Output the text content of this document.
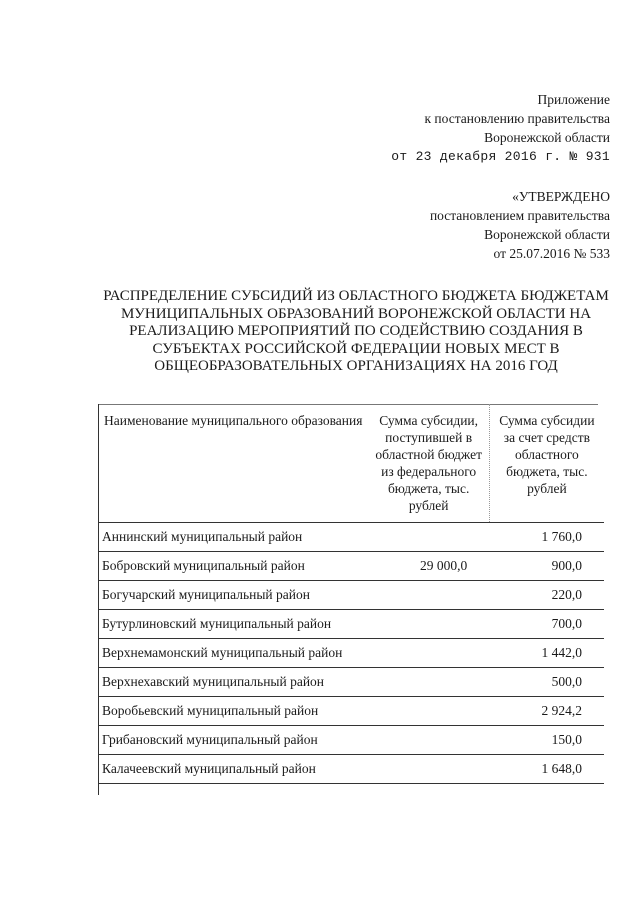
Приложение
к постановлению правительства
Воронежской области
от 23 декабря 2016 г. № 931
«УТВЕРЖДЕНО
постановлением правительства
Воронежской области
от 25.07.2016 № 533
РАСПРЕДЕЛЕНИЕ СУБСИДИЙ ИЗ ОБЛАСТНОГО БЮДЖЕТА БЮДЖЕТАМ
МУНИЦИПАЛЬНЫХ ОБРАЗОВАНИЙ ВОРОНЕЖСКОЙ ОБЛАСТИ НА
РЕАЛИЗАЦИЮ МЕРОПРИЯТИЙ ПО СОДЕЙСТВИЮ СОЗДАНИЯ В
СУБЪЕКТАХ РОССИЙСКОЙ ФЕДЕРАЦИИ НОВЫХ МЕСТ В
ОБЩЕОБРАЗОВАТЕЛЬНЫХ ОРГАНИЗАЦИЯХ НА 2016 ГОД
Наименование муниципального образования	Сумма субсидии, поступившей в областной бюджет из федерального бюджета, тыс. рублей	Сумма субсидии за счет средств областного бюджета, тыс. рублей
Аннинский муниципальный район		1 760,0
Бобровский муниципальный район	29 000,0	900,0
Богучарский муниципальный район		220,0
Бутурлиновский муниципальный район		700,0
Верхнемамонский муниципальный район		1 442,0
Верхнехавский муниципальный район		500,0
Воробьевский муниципальный район		2 924,2
Грибановский муниципальный район		150,0
Калачеевский муниципальный район		1 648,0
